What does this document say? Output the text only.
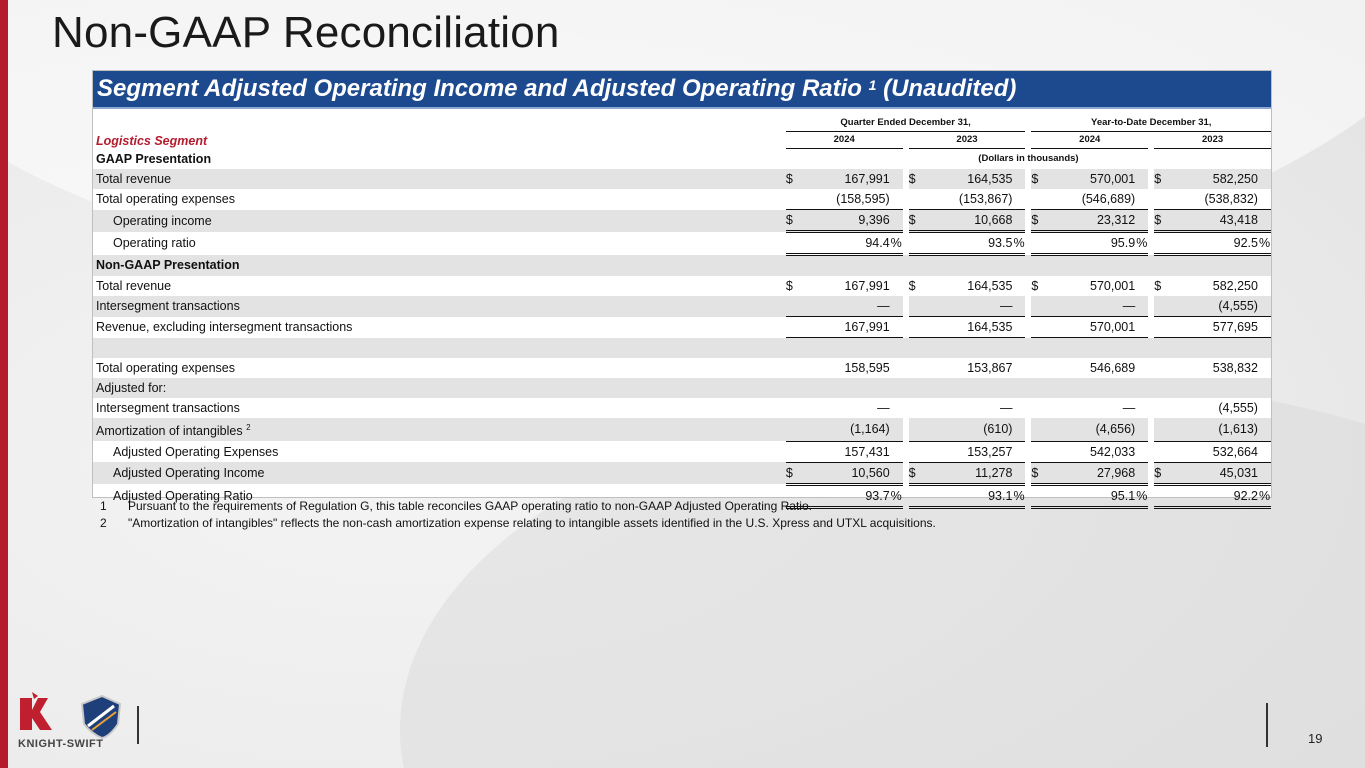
Non-GAAP Reconciliation
Segment Adjusted Operating Income and Adjusted Operating Ratio $^1$ (Unaudited)
	Quarter Ended December 31,								Year-to-Date December 31,						
Logistics Segment	2024				2023				2024				2023		
GAAP Presentation	(Dollars in thousands)														
Total revenue	$	167,991			$	164,535			$	570,001			$	582,250	
Total operating expenses		(158,595)				(153,867)				(546,689)				(538,832)	
Operating income	$	9,396			$	10,668			$	23,312			$	43,418	
Operating ratio		94.4	%			93.5	%			95.9	%			92.5	%
Non-GAAP Presentation															
Total revenue	$	167,991			$	164,535			$	570,001			$	582,250	
Intersegment transactions		—				—				—				(4,555)	
Revenue, excluding intersegment transactions		167,991				164,535				570,001				577,695	

Total operating expenses		158,595				153,867				546,689				538,832	
Adjusted for:															
Intersegment transactions		—				—				—				(4,555)	
Amortization of intangibles $^2$		(1,164)				(610)				(4,656)				(1,613)	
Adjusted Operating Expenses		157,431				153,257				542,033				532,664	
Adjusted Operating Income	$	10,560			$	11,278			$	27,968			$	45,031	
Adjusted Operating Ratio		93.7	%			93.1	%			95.1	%			92.2	%
1 Pursuant to the requirements of Regulation G, this table reconciles GAAP operating ratio to non-GAAP Adjusted Operating Ratio.
2 "Amortization of intangibles" reflects the non-cash amortization expense relating to intangible assets identified in the U.S. Xpress and UTXL acquisitions.
KNIGHT-SWIFT	19
